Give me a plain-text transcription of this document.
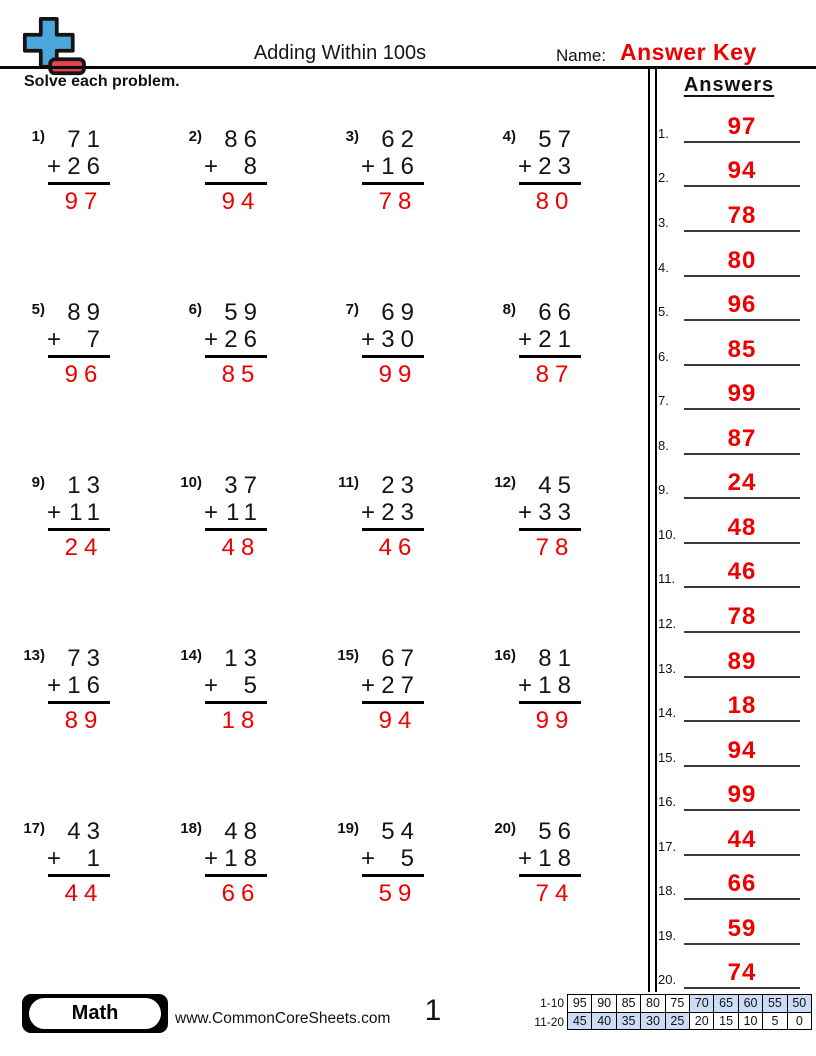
Adding Within 100s	Name: Answer Key
Solve each problem.
1) 71
+ 26
97
2) 86
+ 8
94
3) 62
+ 16
78
4) 57
+ 23
80
5) 89
+ 7
96
6) 59
+ 26
85
7) 69
+ 30
99
8) 66
+ 21
87
9) 13
+ 11
24
10) 37
+ 11
48
11) 23
+ 23
46
12) 45
+ 33
78
13) 73
+ 16
89
14) 13
+ 5
18
15) 67
+ 27
94
16) 81
+ 18
99
17) 43
+ 1
44
18) 48
+ 18
66
19) 54
+ 5
59
20) 56
+ 18
74
Answers
1.	97
2.	94
3.	78
4.	80
5.	96
6.	85
7.	99
8.	87
9.	24
10.	48
11.	46
12.	78
13.	89
14.	18
15.	94
16.	99
17.	44
18.	66
19.	59
20.	74
Math	www.CommonCoreSheets.com	1	1-10 95 90 85 80 75 70 65 60 55 50
11-20 45 40 35 30 25 20 15 10	5	0
